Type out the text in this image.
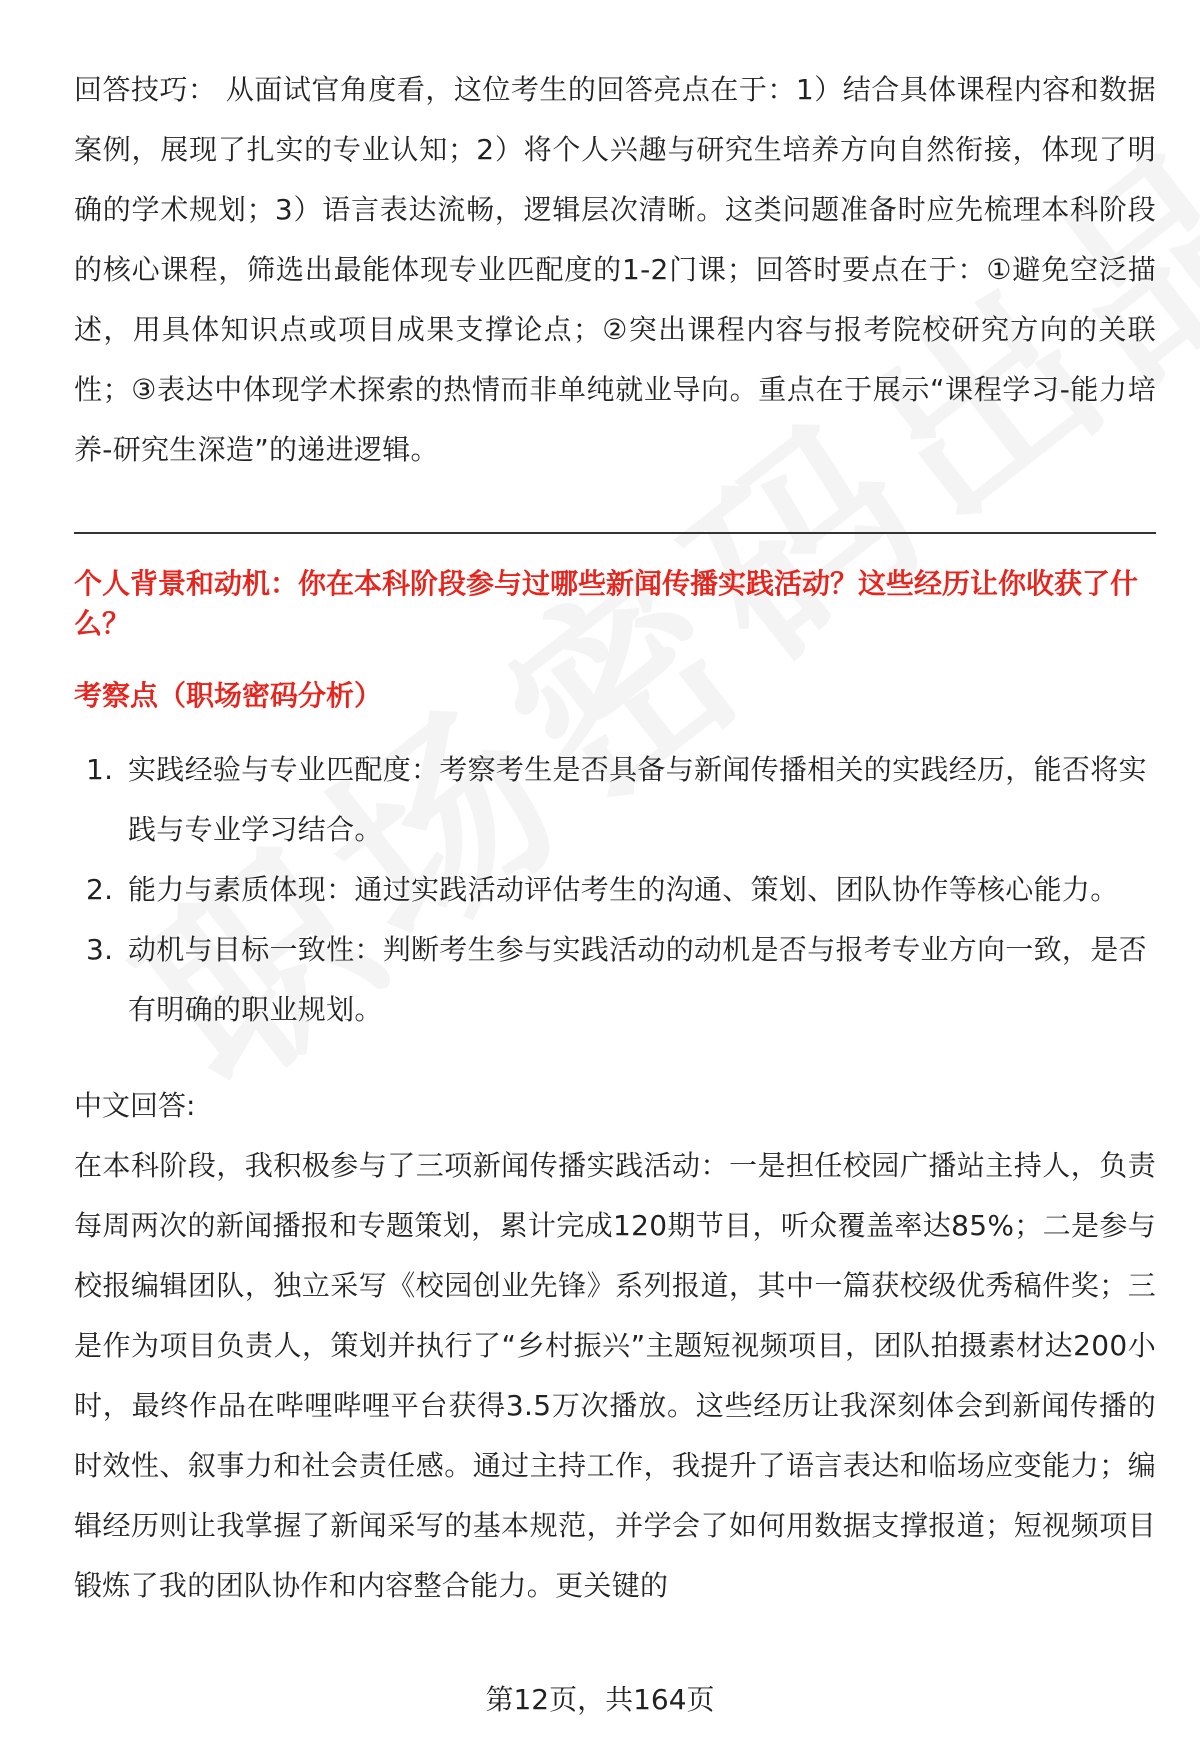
回答技巧： 从面试官角度看，这位考生的回答亮点在于：1）结合具体课程内容和数据案例，展现了扎实的专业认知；2）将个人兴趣与研究生培养方向自然衔接，体现了明确的学术规划；3）语言表达流畅，逻辑层次清晰。这类问题准备时应先梳理本科阶段的核心课程，筛选出最能体现专业匹配度的1-2门课；回答时要点在于：①避免空泛描述，用具体知识点或项目成果支撑论点；②突出课程内容与报考院校研究方向的关联性；③表达中体现学术探索的热情而非单纯就业导向。重点在于展示“课程学习-能力培养-研究生深造”的递进逻辑。

个人背景和动机：你在本科阶段参与过哪些新闻传播实践活动？这些经历让你收获了什么？
考察点（职场密码分析）
1. 实践经验与专业匹配度：考察考生是否具备与新闻传播相关的实践经历，能否将实践与专业学习结合。
2. 能力与素质体现：通过实践活动评估考生的沟通、策划、团队协作等核心能力。
3. 动机与目标一致性：判断考生参与实践活动的动机是否与报考专业方向一致，是否有明确的职业规划。
中文回答:

在本科阶段，我积极参与了三项新闻传播实践活动：一是担任校园广播站主持人，负责每周两次的新闻播报和专题策划，累计完成120期节目，听众覆盖率达85%；二是参与校报编辑团队，独立采写《校园创业先锋》系列报道，其中一篇获校级优秀稿件奖；三是作为项目负责人，策划并执行了“乡村振兴”主题短视频项目，团队拍摄素材达200小时，最终作品在哔哩哔哩平台获得3.5万次播放。这些经历让我深刻体会到新闻传播的时效性、叙事力和社会责任感。通过主持工作，我提升了语言表达和临场应变能力；编辑经历则让我掌握了新闻采写的基本规范，并学会了如何用数据支撑报道；短视频项目锻炼了我的团队协作和内容整合能力。更关键的

第12页，共164页
